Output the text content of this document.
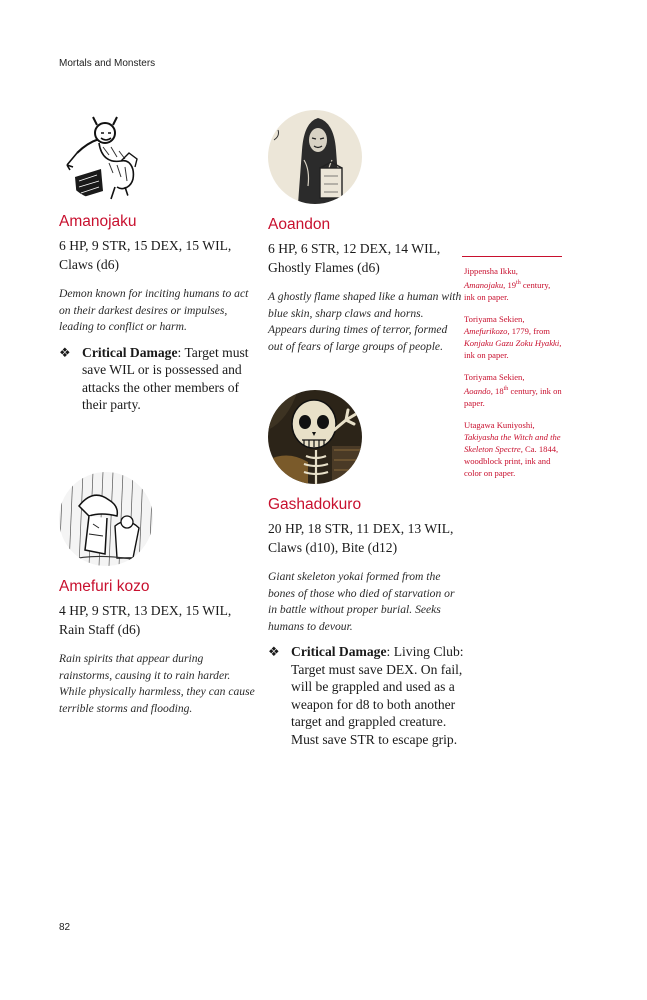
Mortals and Monsters
Amanojaku

6 HP, 9 STR, 15 DEX, 15 WIL, Claws (d6)

Demon known for inciting humans to act on their darkest desires or impulses, leading to conflict or harm.

❖ Critical Damage: Target must save WIL or is possessed and attacks the other members of their party.
Amefuri kozo

4 HP, 9 STR, 13 DEX, 15 WIL, Rain Staff (d6)

Rain spirits that appear during rainstorms, causing it to rain harder. While physically harmless, they can cause terrible storms and flooding.

Aoandon

6 HP, 6 STR, 12 DEX, 14 WIL, Ghostly Flames (d6)

A ghostly flame shaped like a human with blue skin, sharp claws and horns. Appears during times of terror, formed out of fears of large groups of people.

Gashadokuro

20 HP, 18 STR, 11 DEX, 13 WIL, Claws (d10), Bite (d12)

Giant skeleton yokai formed from the bones of those who died of starvation or in battle without proper burial. Seeks humans to devour.

❖ Critical Damage: Living Club: Target must save DEX. On fail, will be grappled and used as a weapon for d8 to both another target and grappled creature. Must save STR to escape grip.

Jippensha Ikku,
Amanojaku, 19th century, ink on paper.

Toriyama Sekien,
Amefurikozo, 1779, from Konjaku Gazu Zoku Hyakki, ink on paper.

Toriyama Sekien,
Aoando, 18th century, ink on paper.

Utagawa Kuniyoshi,
Takiyasha the Witch and the Skeleton Spectre, Ca. 1844, woodblock print, ink and color on paper.

82
